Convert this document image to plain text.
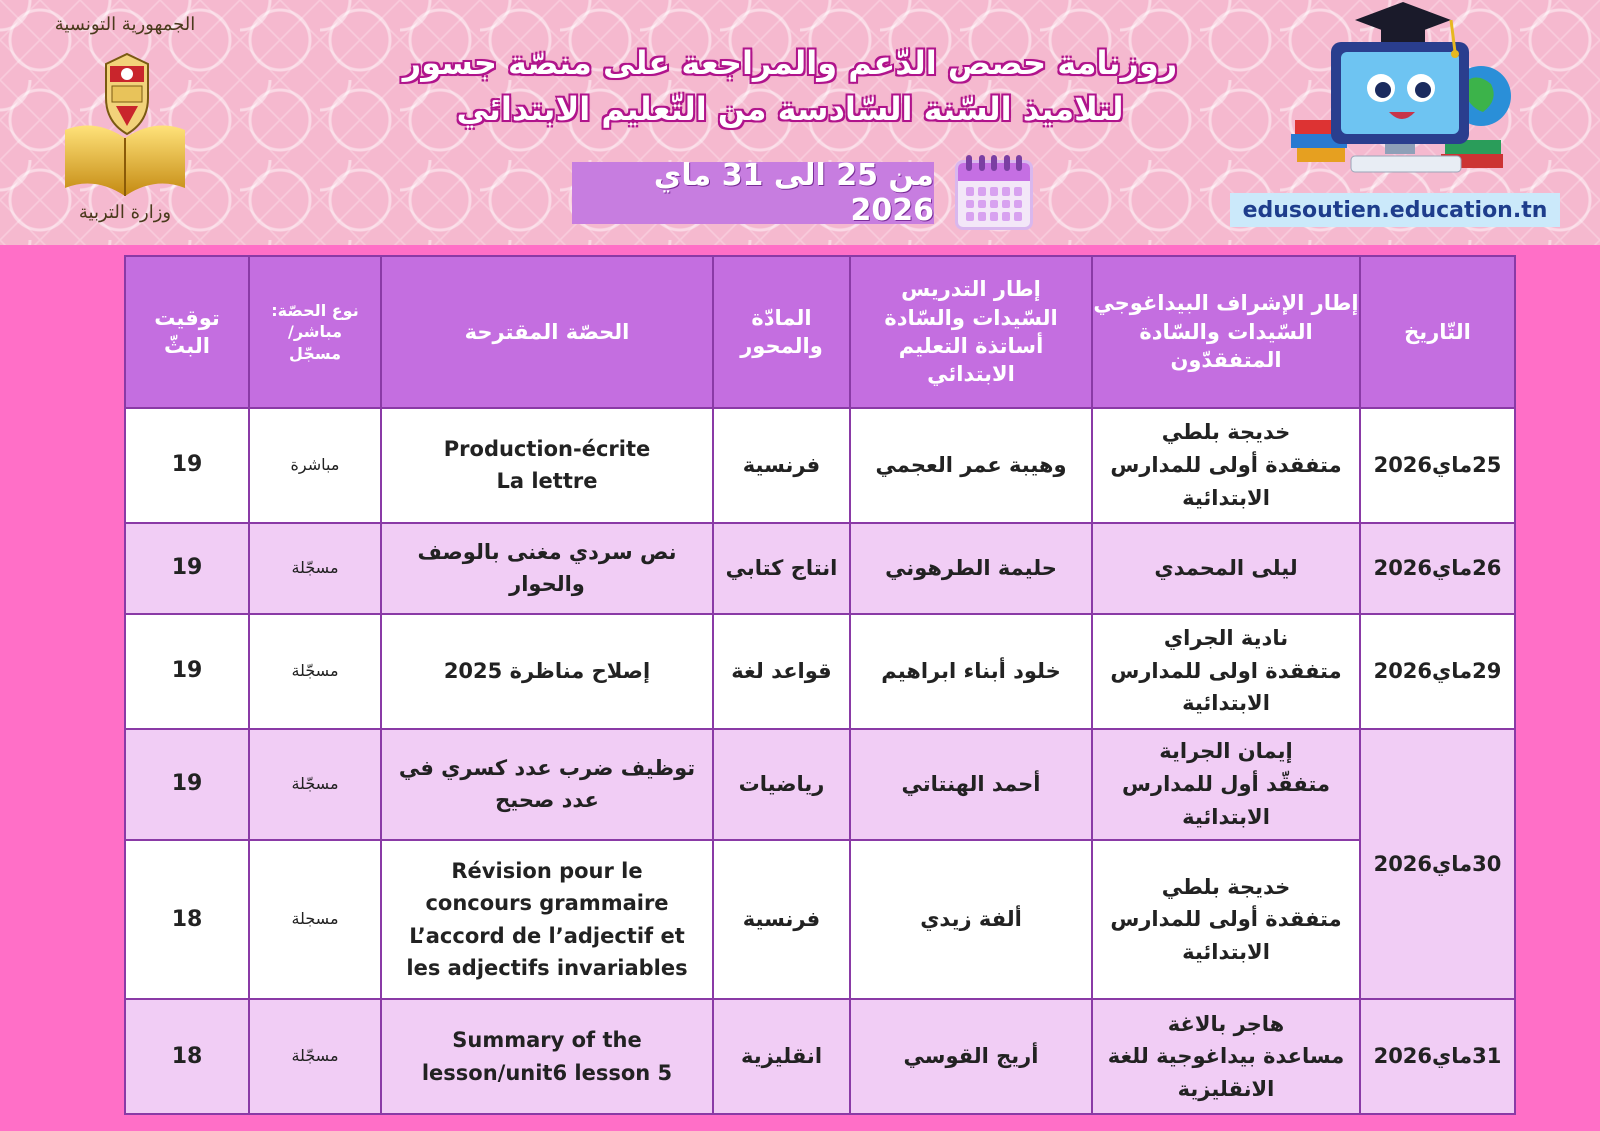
الجمهورية التونسية
وزارة التربية
روزنامة حصص الدّعم والمراجعة على منصّة جسور
لتلاميذ السّنة السّادسة من التّعليم الابتدائي
من 25 الى 31 ماي 2026	edusoutien.education.tn
التّاريخ	إطار الإشراف البيداغوجي
السّيدات والسّادة
المتفقدّون	إطار التدريس
السّيدات والسّادة
أساتذة التعليم
الابتدائي	المادّة
والمحور	الحصّة المقترحة	نوع الحصّة:
مباشر/
مسجّل	توقيت
البثّ
25ماي2026	خديجة بلطي
متفقدة أولى للمدارس
الابتدائية	وهيبة عمر العجمي	فرنسية	Production-écrite
La lettre	مباشرة	19
26ماي2026	ليلى المحمدي	حليمة الطرهوني	انتاج كتابي	نص سردي مغنى بالوصف
والحوار	مسجّلة	19
29ماي2026	نادية الجراي
متفقدة اولى للمدارس
الابتدائية	خلود أبناء ابراهيم	قواعد لغة	إصلاح مناظرة 2025	مسجّلة	19
30ماي2026	إيمان الجراية
متفقّد أول للمدارس
الابتدائية	أحمد الهنتاتي	رياضيات	توظيف ضرب عدد كسري في
عدد صحيح	مسجّلة	19
	خديجة بلطي
متفقدة أولى للمدارس
الابتدائية	ألفة زيدي	فرنسية	Révision pour le
concours grammaire
L’accord de l’adjectif et
les adjectifs invariables	مسجلة	18
31ماي2026	هاجر بالاغة
مساعدة بيداغوجية للغة
الانقليزية	أريج القوسي	انقليزية	Summary of the
lesson/unit6 lesson 5	مسجّلة	18
